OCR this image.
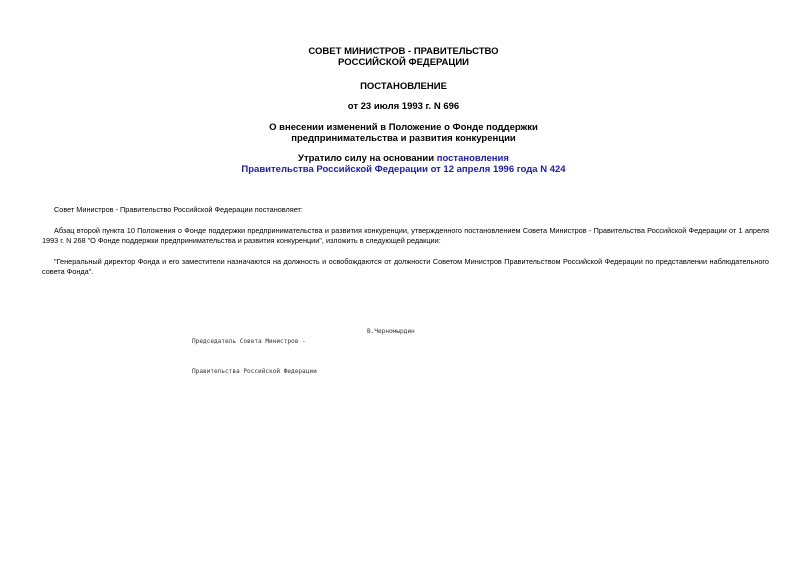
СОВЕТ МИНИСТРОВ - ПРАВИТЕЛЬСТВО
РОССИЙСКОЙ ФЕДЕРАЦИИ
ПОСТАНОВЛЕНИЕ
от 23 июля 1993 г. N 696
О внесении изменений в Положение о Фонде поддержки
предпринимательства и развития конкуренции
Утратило силу на основании постановления
Правительства Российской Федерации от 12 апреля 1996 года N 424
Совет Министров - Правительство Российской Федерации постановляет:
Абзац второй пункта 10 Положения о Фонде поддержки предпринимательства и развития конкуренции, утвержденного постановлением Совета Министров - Правительства Российской Федерации от 1 апреля 1993 г. N 268 "О Фонде поддержки предпринимательства и развития конкуренции", изложить в следующей редакции:
"Генеральный директор Фонда и его заместители назначаются на должность и освобождаются от должности Советом Министров Правительством Российской Федерации по представлении наблюдательного совета Фонда".

Председатель Совета Министров -

Правительства Российской Федерации

В.Черномырдин
